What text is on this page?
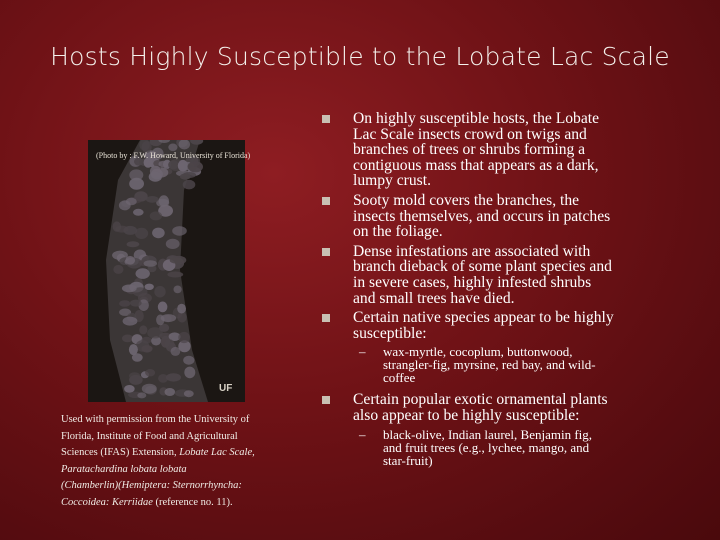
Hosts Highly Susceptible to the Lobate Lac Scale
(Photo by : F.W. Howard, University of Florida)
UF
Used with permission from the University of
Florida, Institute of Food and Agricultural
Sciences (IFAS) Extension, Lobate Lac Scale,
Paratachardina lobata lobata
(Chamberlin)(Hemiptera: Sternorrhyncha:
Coccoidea: Kerriidae (reference no. 11).
On highly susceptible hosts, the Lobate
Lac Scale insects crowd on twigs and
branches of trees or shrubs forming a
contiguous mass that appears as a dark,
lumpy crust.
Sooty mold covers the branches, the
insects themselves, and occurs in patches
on the foliage.
Dense infestations are associated with
branch dieback of some plant species and
in severe cases, highly infested shrubs
and small trees have died.
Certain native species appear to be highly
susceptible:
– wax-myrtle, cocoplum, buttonwood,
strangler-fig, myrsine, red bay, and wild-
coffee
Certain popular exotic ornamental plants
also appear to be highly susceptible:
– black-olive, Indian laurel, Benjamin fig,
and fruit trees (e.g., lychee, mango, and
star-fruit)
